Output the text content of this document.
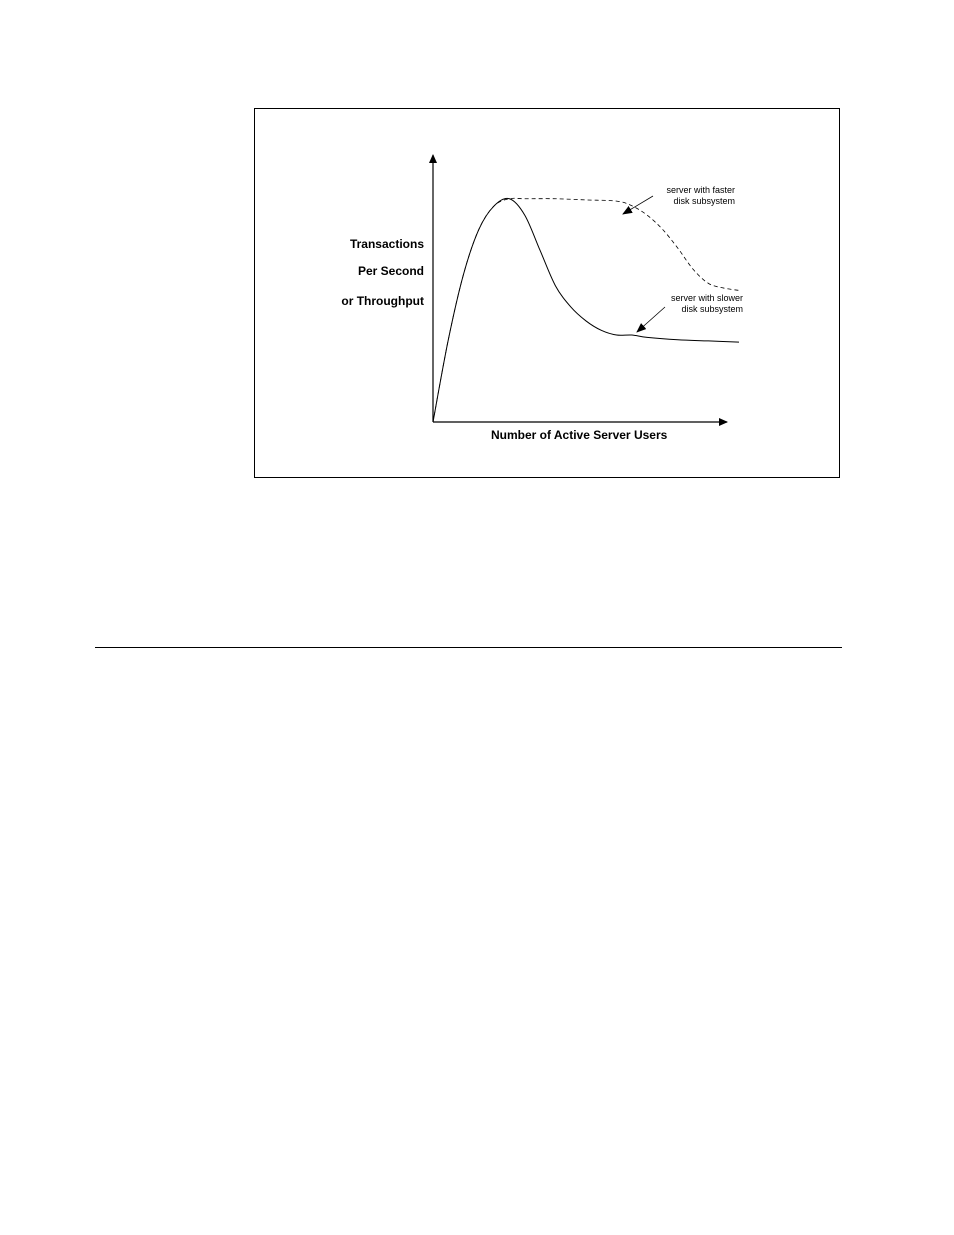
Transactions
Per Second
or Throughput
Number of Active Server Users
server with faster
disk subsystem
server with slower
disk subsystem
